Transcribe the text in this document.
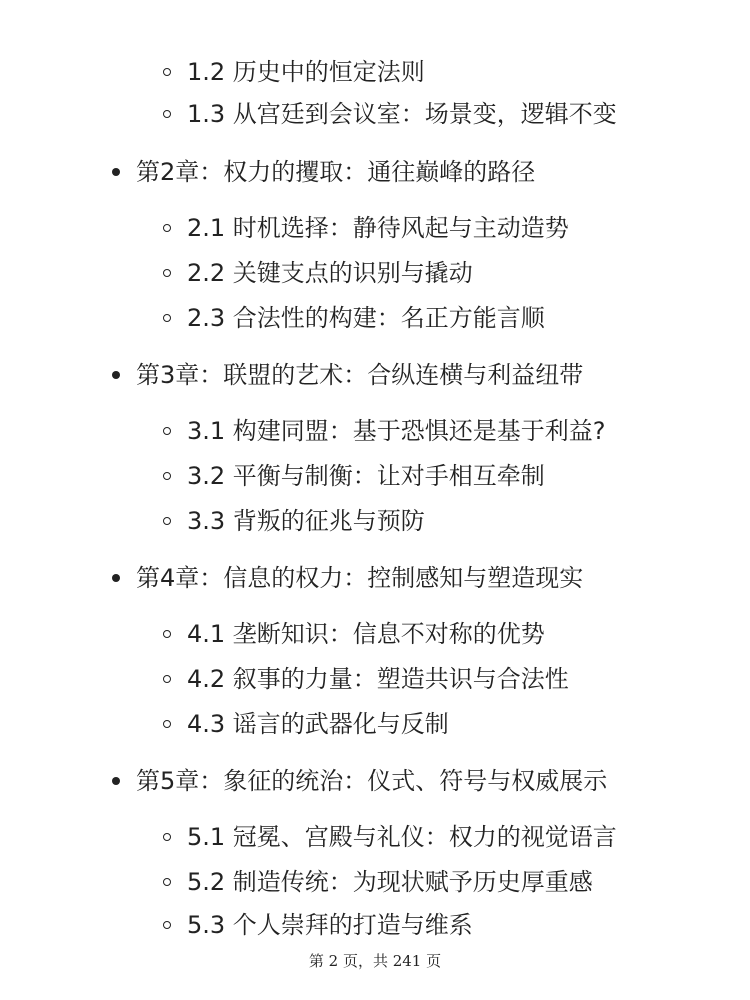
1.2 历史中的恒定法则
1.3 从宫廷到会议室：场景变，逻辑不变
第2章：权力的攫取：通往巅峰的路径
2.1 时机选择：静待风起与主动造势
2.2 关键支点的识别与撬动
2.3 合法性的构建：名正方能言顺
第3章：联盟的艺术：合纵连横与利益纽带
3.1 构建同盟：基于恐惧还是基于利益?
3.2 平衡与制衡：让对手相互牵制
3.3 背叛的征兆与预防
第4章：信息的权力：控制感知与塑造现实
4.1 垄断知识：信息不对称的优势
4.2 叙事的力量：塑造共识与合法性
4.3 谣言的武器化与反制
第5章：象征的统治：仪式、符号与权威展示
5.1 冠冕、宫殿与礼仪：权力的视觉语言
5.2 制造传统：为现状赋予历史厚重感
5.3 个人崇拜的打造与维系
第 2 页，共 241 页
